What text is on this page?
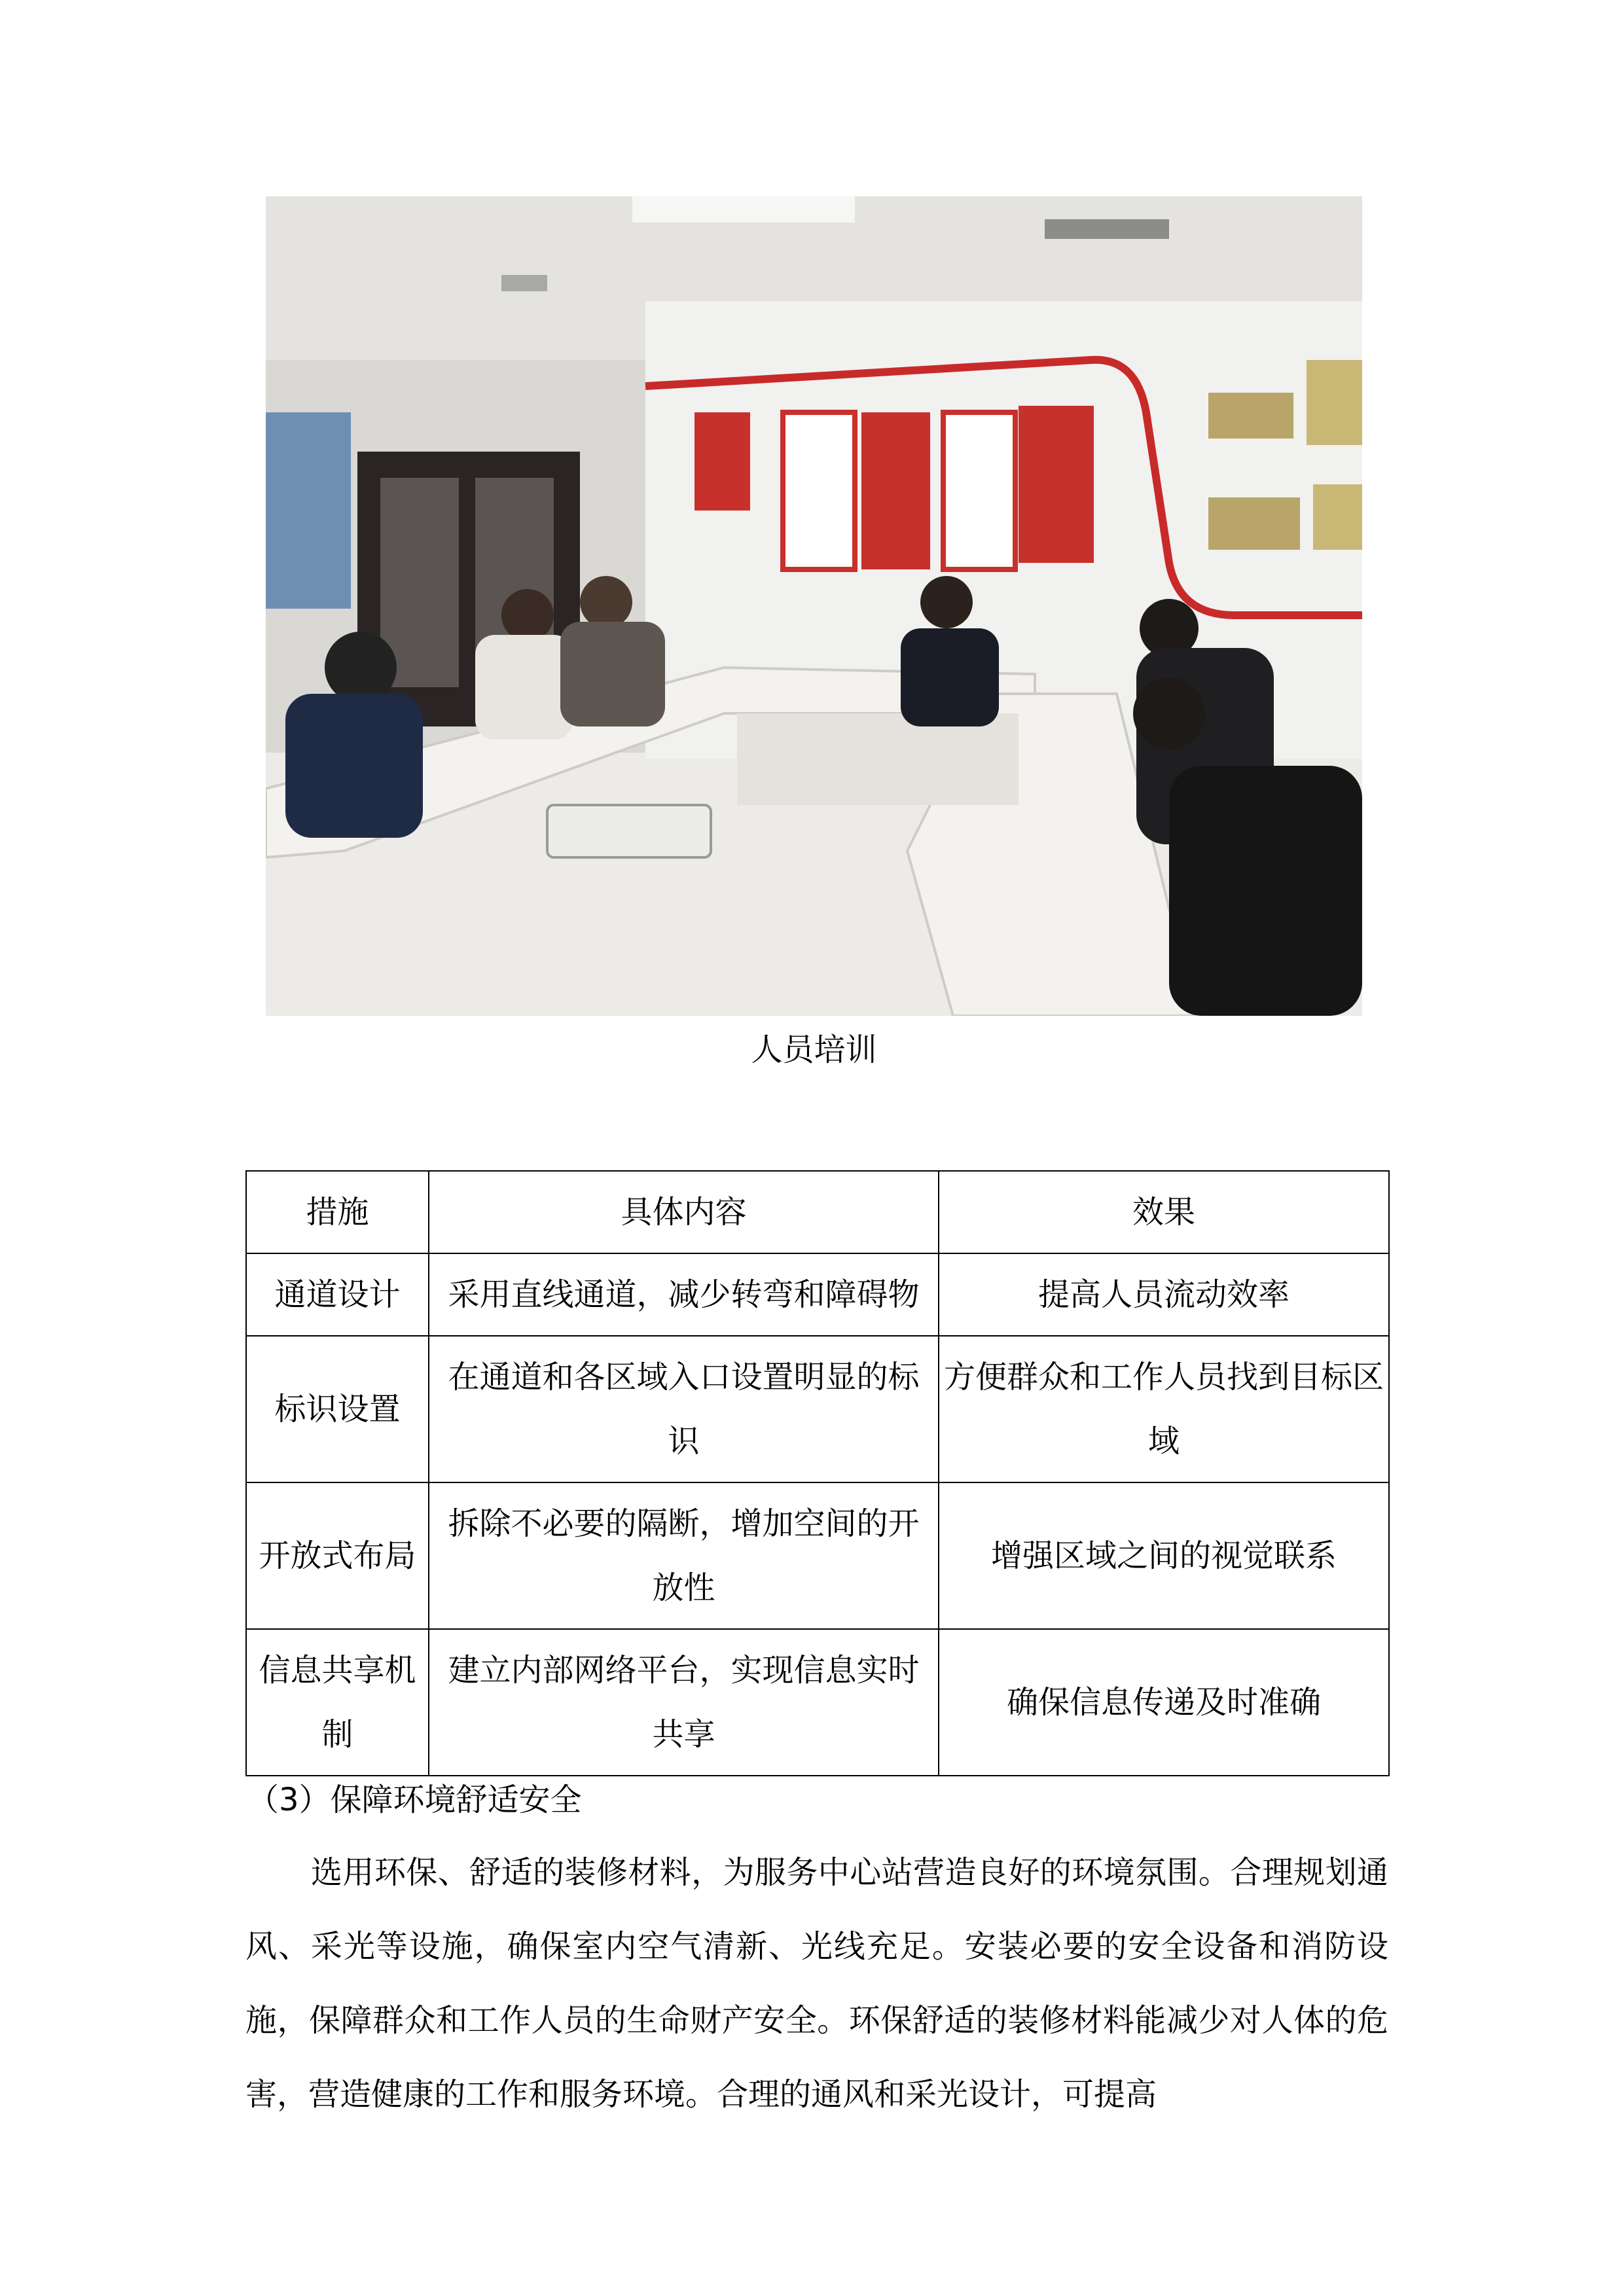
人员培训
措施	具体内容	效果
通道设计	采用直线通道，减少转弯和障碍物	提高人员流动效率
标识设置	在通道和各区域入口设置明显的标识	方便群众和工作人员找到目标区域
开放式布局	拆除不必要的隔断，增加空间的开放性	增强区域之间的视觉联系
信息共享机制	建立内部网络平台，实现信息实时共享	确保信息传递及时准确
（3）保障环境舒适安全

选用环保、舒适的装修材料，为服务中心站营造良好的环境氛围。合理规划通风、采光等设施，确保室内空气清新、光线充足。安装必要的安全设备和消防设施，保障群众和工作人员的生命财产安全。环保舒适的装修材料能减少对人体的危害，营造健康的工作和服务环境。合理的通风和采光设计，可提高
